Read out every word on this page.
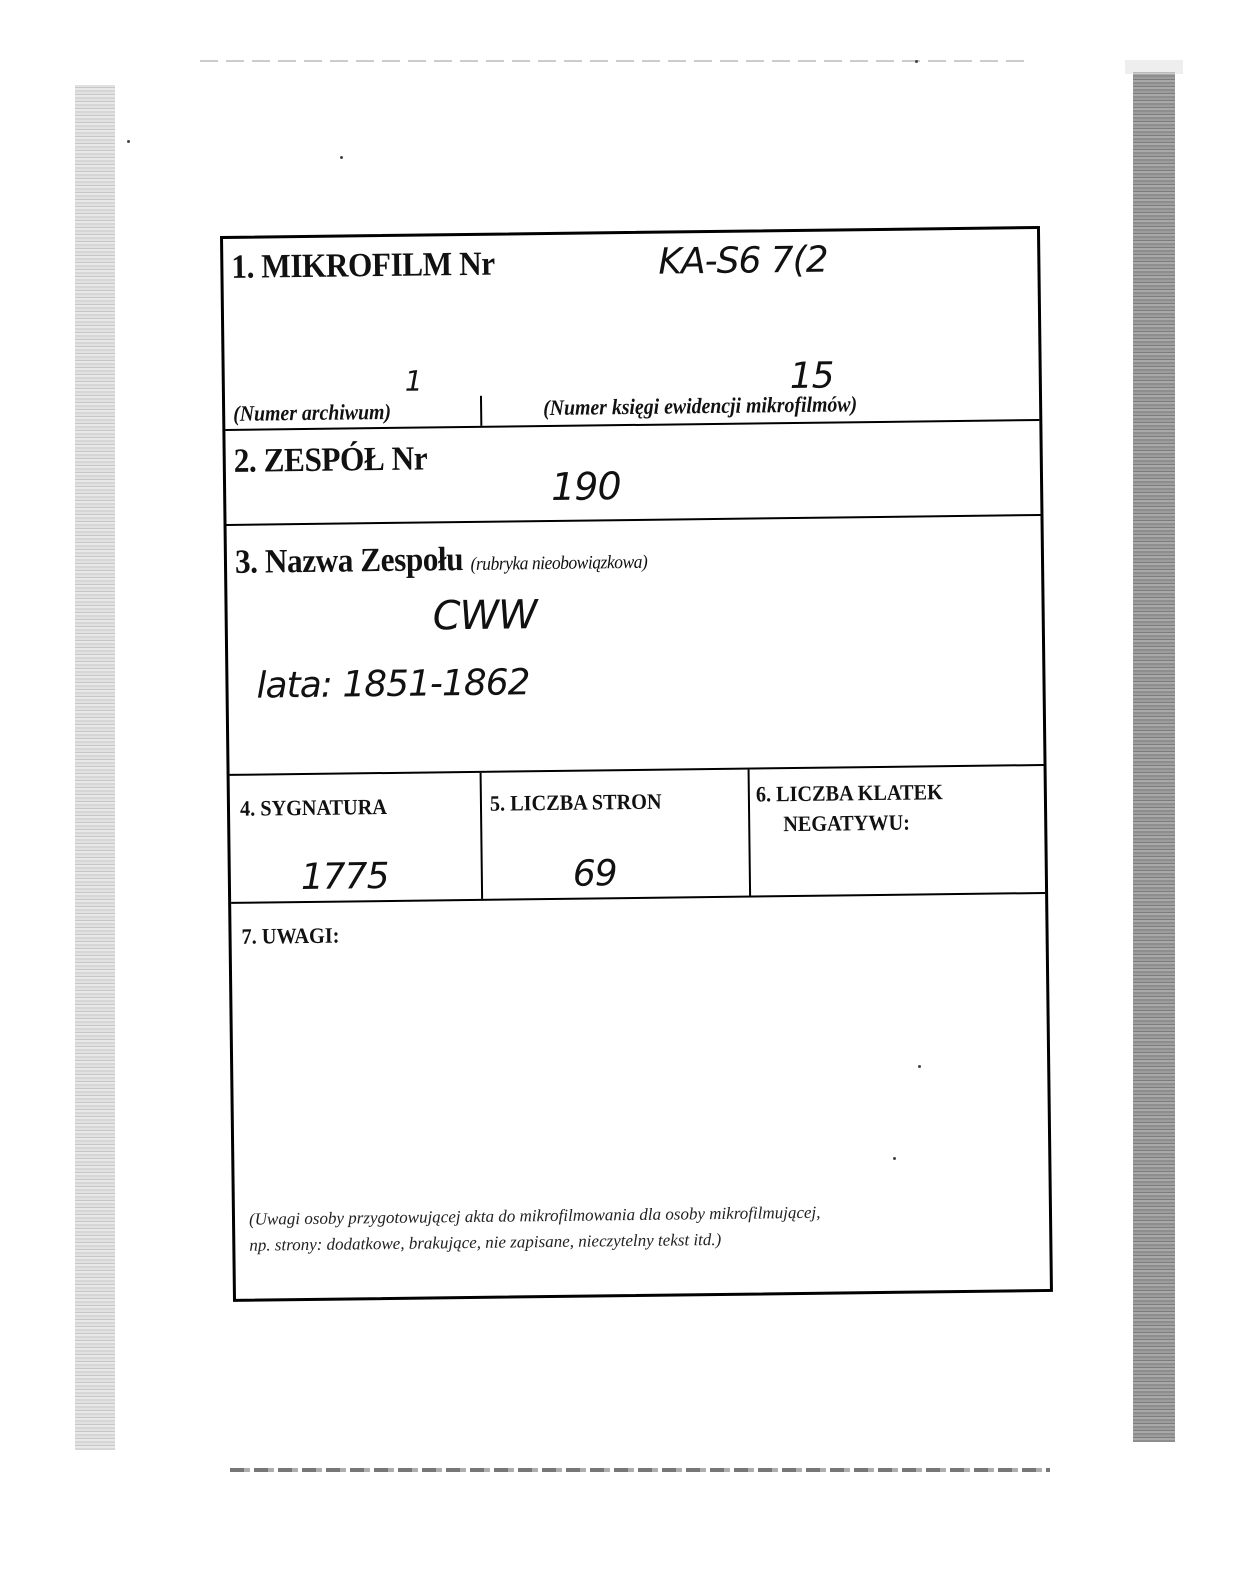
1. MIKROFILM Nr	KA-S6 7(2
1	15
(Numer archiwum)	(Numer księgi ewidencji mikrofilmów)
2. ZESPÓŁ Nr
190
3. Nazwa Zespołu (rubryka nieobowiązkowa)
CWW
lata: 1851-1862
4. SYGNATURA
1775
5. LICZBA STRON
69
6. LICZBA KLATEK
NEGATYWU:
7. UWAGI:
(Uwagi osoby przygotowującej akta do mikrofilmowania dla osoby mikrofilmującej,
np. strony: dodatkowe, brakujące, nie zapisane, nieczytelny tekst itd.)
